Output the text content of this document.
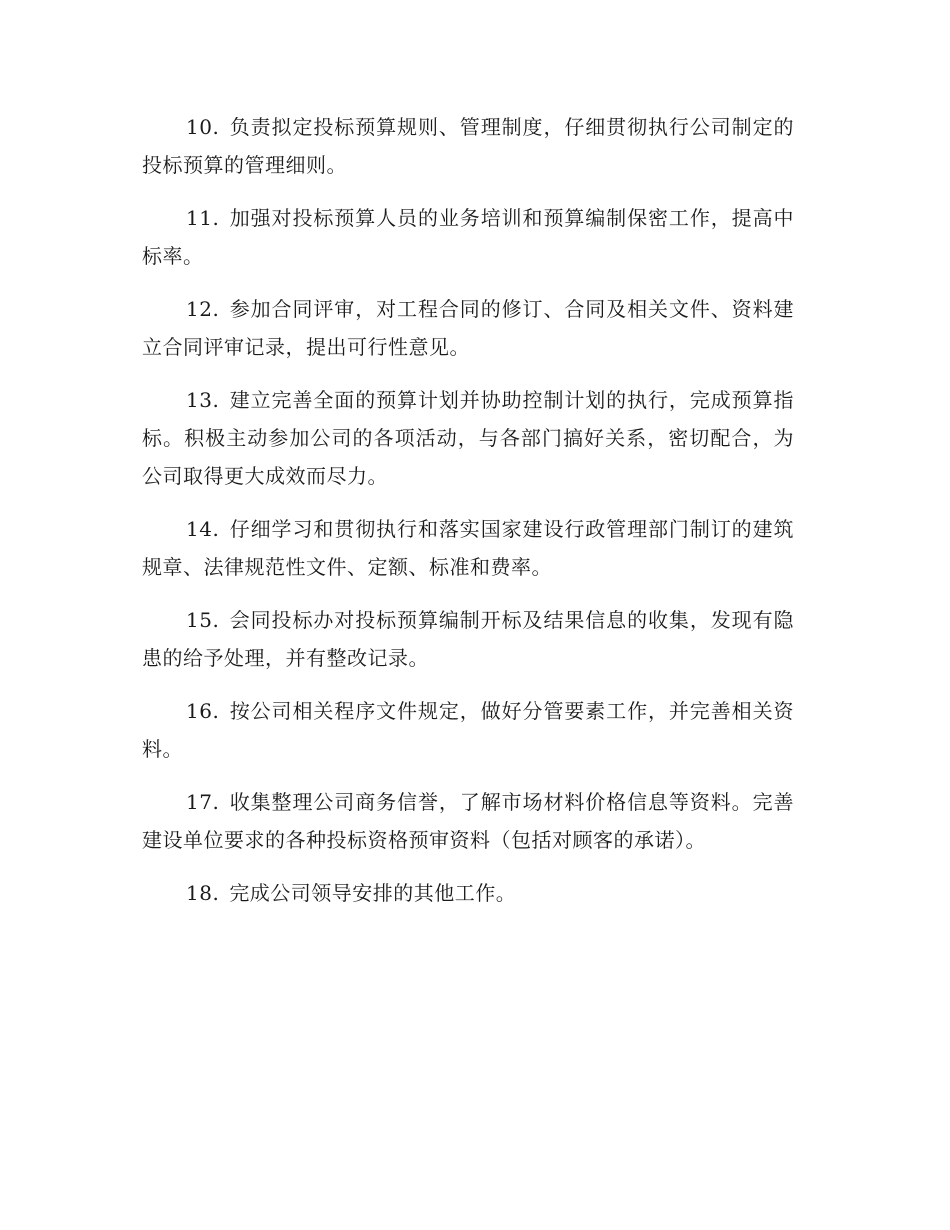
10. 负责拟定投标预算规则、管理制度，仔细贯彻执行公司制定的投标预算的管理细则。

11. 加强对投标预算人员的业务培训和预算编制保密工作，提高中标率。

12. 参加合同评审，对工程合同的修订、合同及相关文件、资料建立合同评审记录，提出可行性意见。

13. 建立完善全面的预算计划并协助控制计划的执行，完成预算指标。积极主动参加公司的各项活动，与各部门搞好关系，密切配合，为公司取得更大成效而尽力。

14. 仔细学习和贯彻执行和落实国家建设行政管理部门制订的建筑规章、法律规范性文件、定额、标准和费率。

15. 会同投标办对投标预算编制开标及结果信息的收集，发现有隐患的给予处理，并有整改记录。

16. 按公司相关程序文件规定，做好分管要素工作，并完善相关资料。

17. 收集整理公司商务信誉，了解市场材料价格信息等资料。完善建设单位要求的各种投标资格预审资料（包括对顾客的承诺）。

18. 完成公司领导安排的其他工作。
